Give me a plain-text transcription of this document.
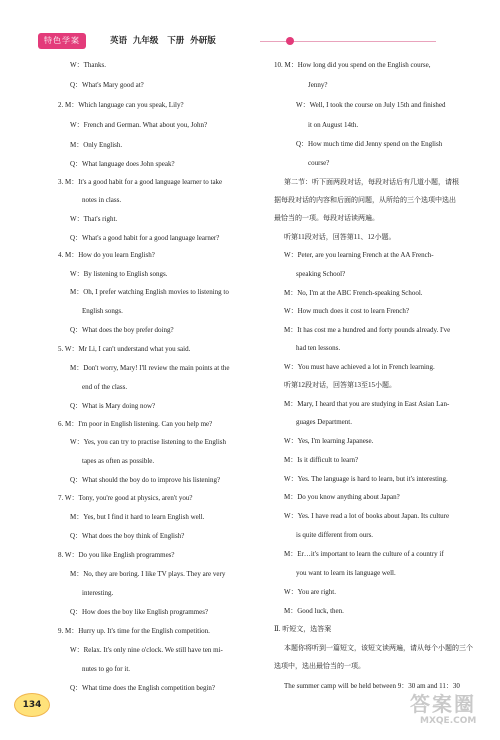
特色学案	英语  九年级   下册  外研版
W：Thanks.
Q：What's Mary good at?
2. M：Which language can you speak, Lily?
W：French and German. What about you, John?
M：Only English.
Q：What language does John speak?
3. M：It's a good habit for a good language learner to take
notes in class.
W：That's right.
Q：What's a good habit for a good language learner?
4. M：How do you learn English?
W：By listening to English songs.
M：Oh, I prefer watching English movies to listening to
English songs.
Q：What does the boy prefer doing?
5. W：Mr Li, I can't understand what you said.
M：Don't worry, Mary! I'll review the main points at the
end of the class.
Q：What is Mary doing now?
6. M：I'm poor in English listening. Can you help me?
W：Yes, you can try to practise listening to the English
tapes as often as possible.
Q：What should the boy do to improve his listening?
7. W：Tony, you're good at physics, aren't you?
M：Yes, but I find it hard to learn English well.
Q：What does the boy think of English?
8. W：Do you like English programmes?
M：No, they are boring. I like TV plays. They are very
interesting.
Q：How does the boy like English programmes?
9. M：Hurry up. It's time for the English competition.
W：Relax. It's only nine o'clock. We still have ten mi-
nutes to go for it.
Q：What time does the English competition begin?
10. M：How long did you spend on the English course,
Jenny?
W：Well, I took the course on July 15th and finished
it on August 14th.
Q：How much time did Jenny spend on the English
course?
第二节：听下面两段对话，每段对话后有几道小题，请根
据每段对话的内容和后面的问题，从所给的三个选项中选出
最恰当的一项。每段对话读两遍。
听第11段对话，回答第11、12小题。
W：Peter, are you learning French at the AA French-
speaking School?
M：No, I'm at the ABC French-speaking School.
W：How much does it cost to learn French?
M：It has cost me a hundred and forty pounds already. I've
had ten lessons.
W：You must have achieved a lot in French learning.
听第12段对话，回答第13至15小题。
M：Mary, I heard that you are studying in East Asian Lan-
guages Department.
W：Yes, I'm learning Japanese.
M：Is it difficult to learn?
W：Yes. The language is hard to learn, but it's interesting.
M：Do you know anything about Japan?
W：Yes. I have read a lot of books about Japan. Its culture
is quite different from ours.
M：Er…it's important to learn the culture of a country if
you want to learn its language well.
W：You are right.
M：Good luck, then.
Ⅱ. 听短文，选答案
本题你将听到一篇短文，该短文读两遍，请从每个小题的三个
选项中，选出最恰当的一项。
The summer camp will be held between 9：30 am and 11：30
134	答案圈
MXQE.COM
